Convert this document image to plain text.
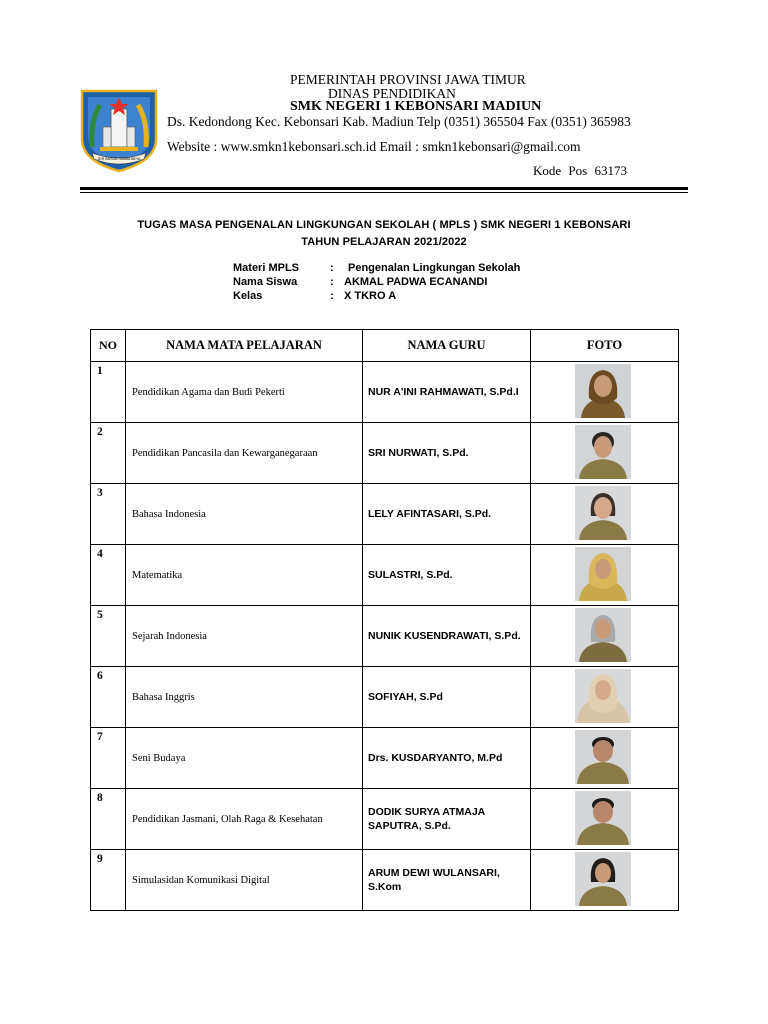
JER BASUKI MAWA BEYA
PEMERINTAH PROVINSI JAWA TIMUR
DINAS PENDIDIKAN
SMK NEGERI 1 KEBONSARI MADIUN
Ds. Kedondong Kec. Kebonsari Kab. Madiun Telp (0351) 365504 Fax (0351) 365983
Website : www.smkn1kebonsari.sch.id Email : smkn1kebonsari@gmail.com
Kode Pos 63173
TUGAS MASA PENGENALAN LINGKUNGAN SEKOLAH ( MPLS ) SMK NEGERI 1 KEBONSARI
TAHUN PELAJARAN 2021/2022
Materi MPLS	: Pengenalan Lingkungan Sekolah
Nama Siswa	: AKMAL PADWA ECANANDI
Kelas	: X TKRO A
NO	NAMA MATA PELAJARAN	NAMA GURU	FOTO
1	Pendidikan Agama dan Budi Pekerti	NUR A'INI RAHMAWATI, S.Pd.I	

2	Pendidikan Pancasila dan Kewarganegaraan	SRI NURWATI, S.Pd.	

3	Bahasa Indonesia	LELY AFINTASARI, S.Pd.	

4	Matematika	SULASTRI, S.Pd.	

5	Sejarah Indonesia	NUNIK KUSENDRAWATI, S.Pd.	

6	Bahasa Inggris	SOFIYAH, S.Pd	

7	Seni Budaya	Drs. KUSDARYANTO, M.Pd	

8	Pendidikan Jasmani, Olah Raga & Kesehatan	DODIK SURYA ATMAJA SAPUTRA, S.Pd.	

9	Simulasidan Komunikasi Digital	ARUM DEWI WULANSARI, S.Kom	
